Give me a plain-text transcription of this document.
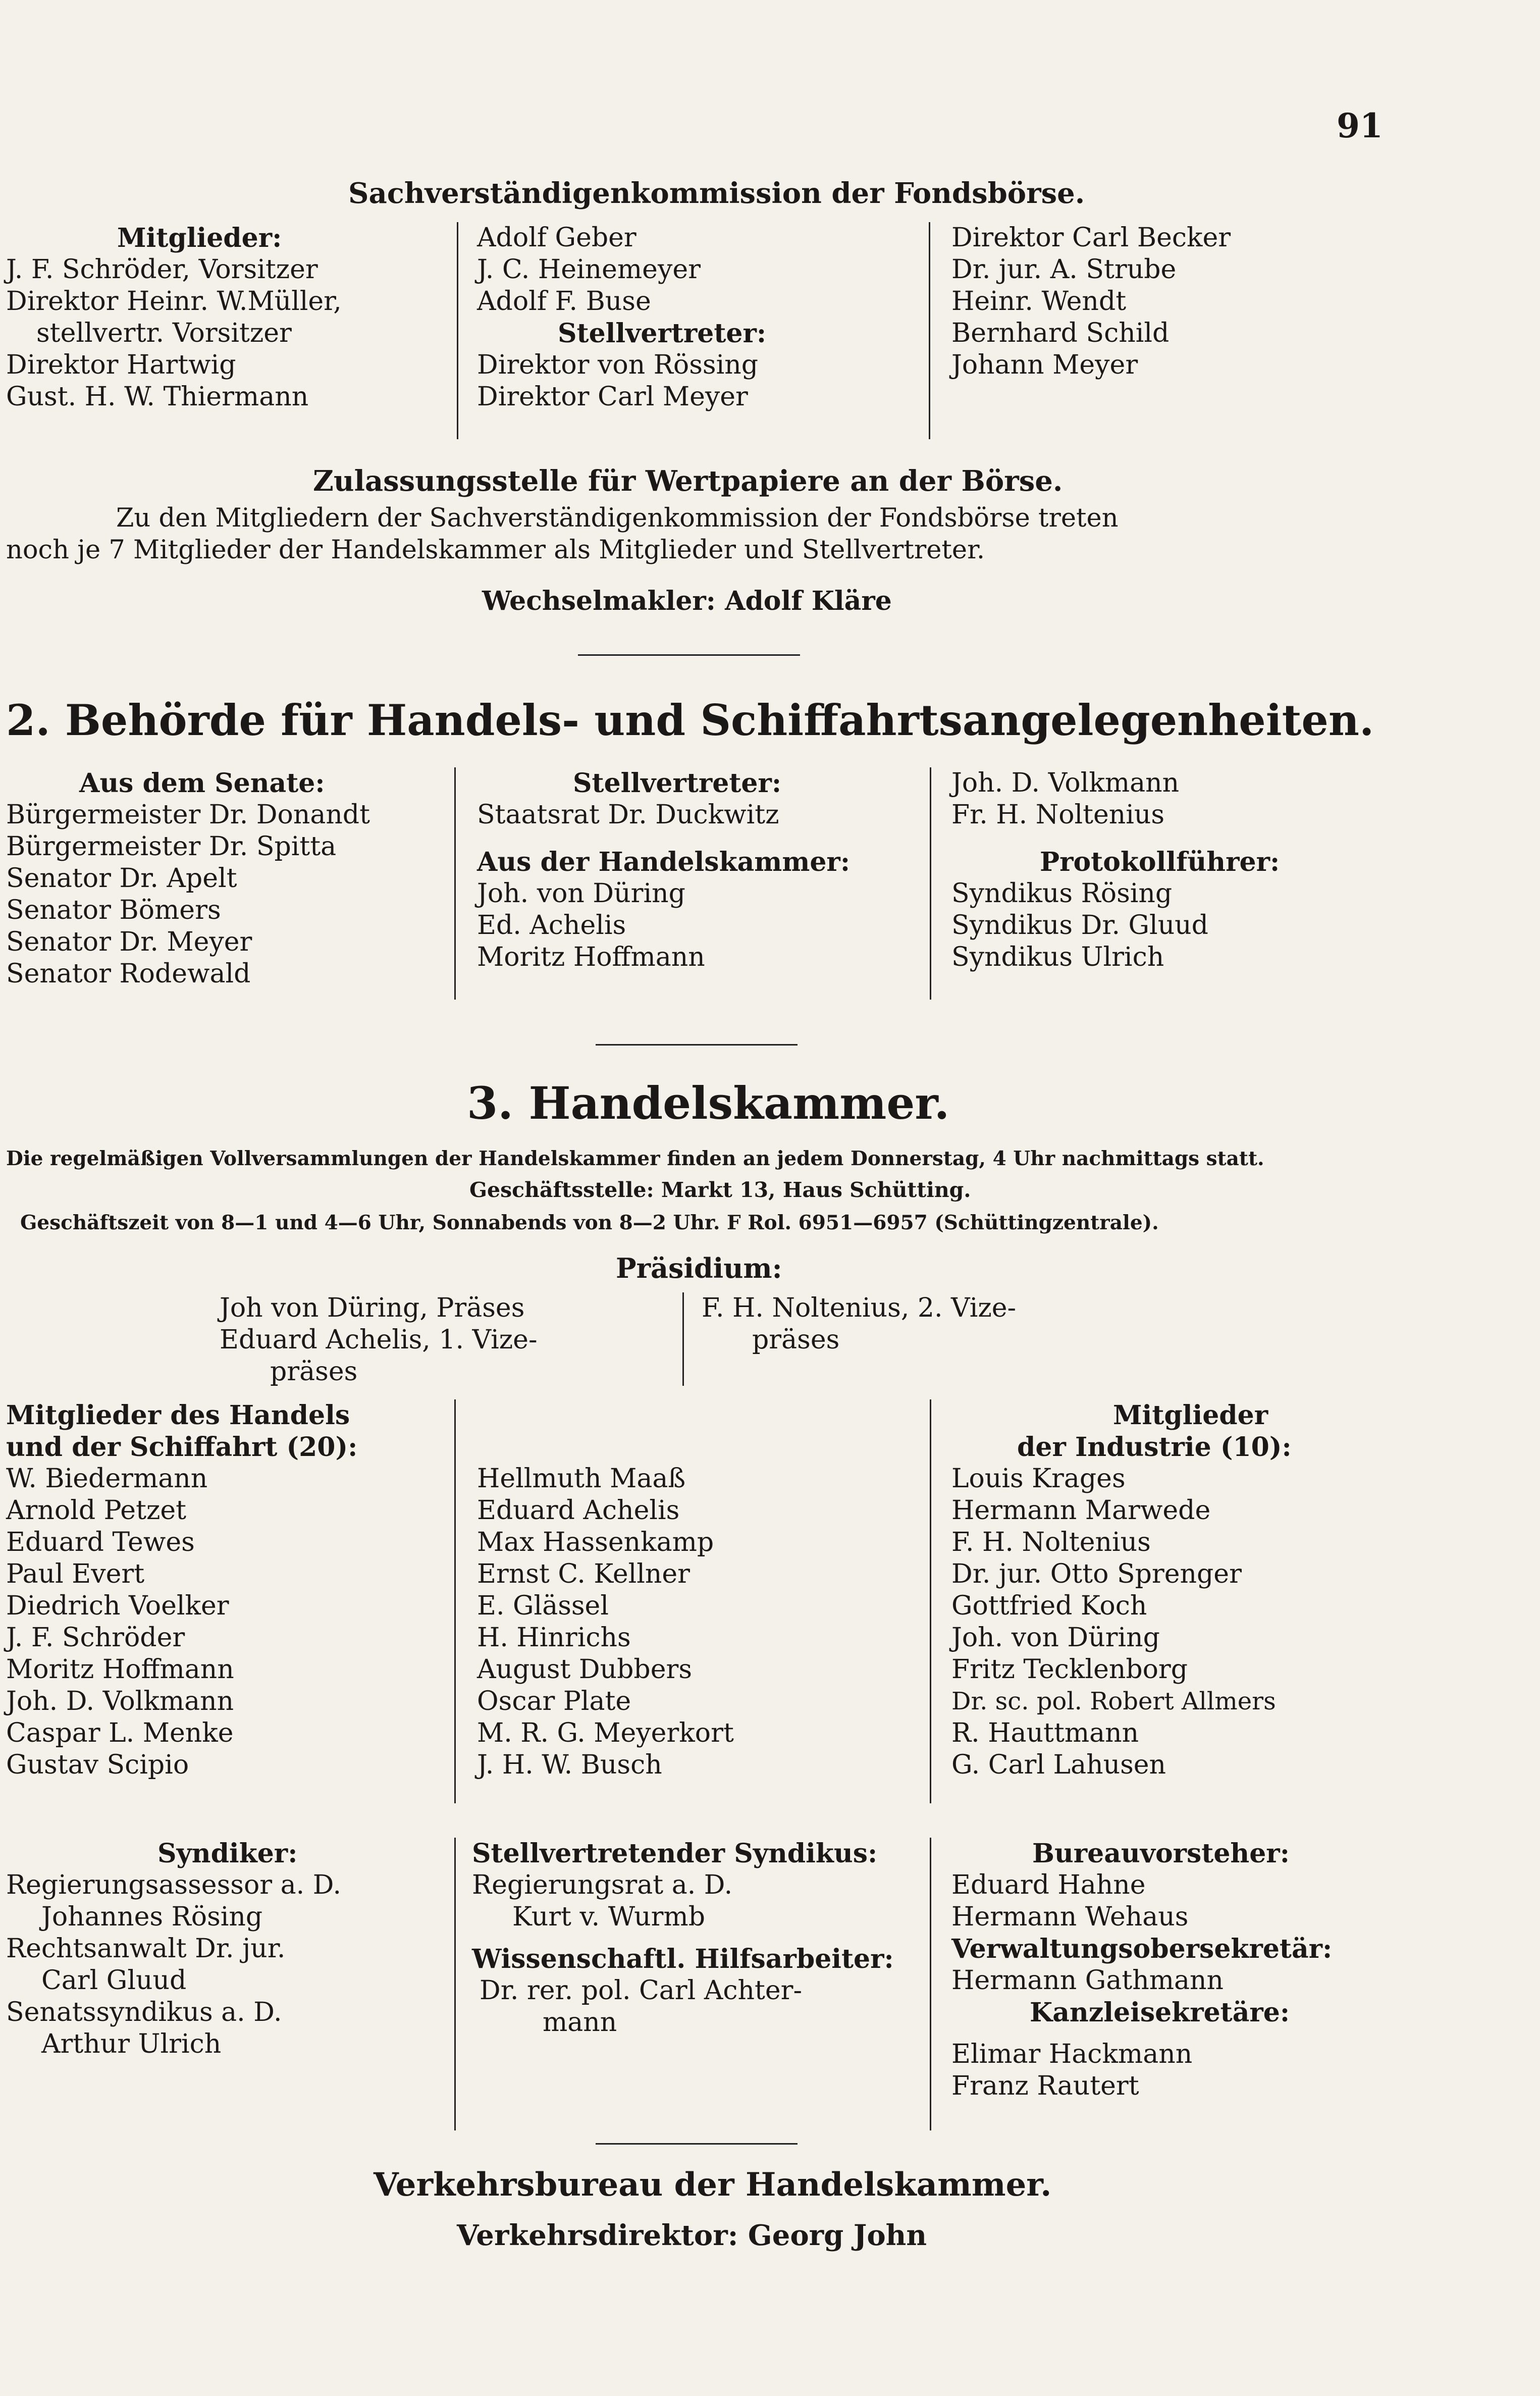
91
Sachverständigenkommission der Fondsbörse.
Mitglieder:
J. F. Schröder, Vorsitzer
Direktor Heinr. W.Müller,
stellvertr. Vorsitzer
Direktor Hartwig
Gust. H. W. Thiermann
Adolf Geber
J. C. Heinemeyer
Adolf F. Buse
Stellvertreter:
Direktor von Rössing
Direktor Carl Meyer
Direktor Carl Becker
Dr. jur. A. Strube
Heinr. Wendt
Bernhard Schild
Johann Meyer
Zulassungsstelle für Wertpapiere an der Börse.
Zu den Mitgliedern der Sachverständigenkommission der Fondsbörse treten
noch je 7 Mitglieder der Handelskammer als Mitglieder und Stellvertreter.
Wechselmakler: Adolf Kläre
2. Behörde für Handels- und Schiffahrtsangelegenheiten.
Aus dem Senate:
Bürgermeister Dr. Donandt
Bürgermeister Dr. Spitta
Senator Dr. Apelt
Senator Bömers
Senator Dr. Meyer
Senator Rodewald
Stellvertreter:
Staatsrat Dr. Duckwitz
Aus der Handelskammer:
Joh. von Düring
Ed. Achelis
Moritz Hoffmann
Joh. D. Volkmann
Fr. H. Noltenius
Protokollführer:
Syndikus Rösing
Syndikus Dr. Gluud
Syndikus Ulrich
3. Handelskammer.
Die regelmäßigen Vollversammlungen der Handelskammer finden an jedem Donnerstag, 4 Uhr nachmittags statt.
Geschäftsstelle: Markt 13, Haus Schütting.
Geschäftszeit von 8—1 und 4—6 Uhr, Sonnabends von 8—2 Uhr. F Rol. 6951—6957 (Schüttingzentrale).
Präsidium:
Joh von Düring, Präses
Eduard Achelis, 1. Vize-
präses
F. H. Noltenius, 2. Vize-
präses
Mitglieder des Handels
und der Schiffahrt (20):
W. Biedermann
Arnold Petzet
Eduard Tewes
Paul Evert
Diedrich Voelker
J. F. Schröder
Moritz Hoffmann
Joh. D. Volkmann
Caspar L. Menke
Gustav Scipio
Hellmuth Maaß
Eduard Achelis
Max Hassenkamp
Ernst C. Kellner
E. Glässel
H. Hinrichs
August Dubbers
Oscar Plate
M. R. G. Meyerkort
J. H. W. Busch
Mitglieder
der Industrie (10):
Louis Krages
Hermann Marwede
F. H. Noltenius
Dr. jur. Otto Sprenger
Gottfried Koch
Joh. von Düring
Fritz Tecklenborg
Dr. sc. pol. Robert Allmers
R. Hauttmann
G. Carl Lahusen
Syndiker:
Regierungsassessor a. D.
Johannes Rösing
Rechtsanwalt Dr. jur.
Carl Gluud
Senatssyndikus a. D.
Arthur Ulrich
Stellvertretender Syndikus:
Regierungsrat a. D.
Kurt v. Wurmb
Wissenschaftl. Hilfsarbeiter:
Dr. rer. pol. Carl Achter-
mann
Bureauvorsteher:
Eduard Hahne
Hermann Wehaus
Verwaltungsobersekretär:
Hermann Gathmann
Kanzleisekretäre:
Elimar Hackmann
Franz Rautert
Verkehrsbureau der Handelskammer.
Verkehrsdirektor: Georg John
